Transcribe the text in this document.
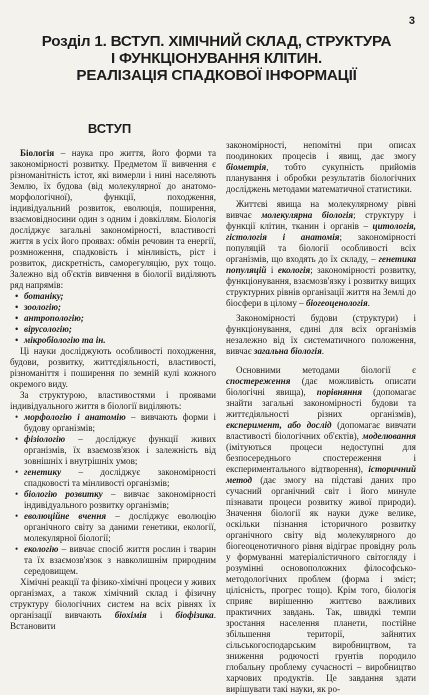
3
Розділ 1. ВСТУП. ХІМІЧНИЙ СКЛАД, СТРУКТУРА
І ФУНКЦІОНУВАННЯ КЛІТИН.
РЕАЛІЗАЦІЯ СПАДКОВОЇ ІНФОРМАЦІЇ
ВСТУП

Біологія – наука про життя, його форми та закономірності розвитку. Предметом її вивчення є різноманітність істот, які вимерли і нині населяють Землю, їх будова (від молекулярної до анатомо-морфологічної), функції, походження, індивідуальний розвиток, еволюція, поширення, взаємовідносини один з одним і довкіллям. Біологія досліджує загальні закономірності, властивості життя в усіх його проявах: обмін речовин та енергії, розмноження, спадковість і мінливість, ріст і розвиток, дискретність, саморегуляцію, рух тощо. Залежно від об'єктів вивчення в біології виділяють ряд напрямів:

• ботаніку;
• зоологію;
• антропологію;
• вірусологію;
• мікробіологію та ін.

Ці науки досліджують особливості походження, будови, розвитку, життєдіяльності, властивості, різноманіття і поширення по земній кулі кожного окремого виду.

За структурою, властивостями і проявами індивідуального життя в біології виділяють:

• морфологію і анатомію – вивчають форми і будову організмів;
• фізіологію – досліджує функції живих організмів, їх взаємозв'язок і залежність від зовнішніх і внутрішніх умов;
• генетику – досліджує закономірності спадковості та мінливості організмів;
• біологію розвитку – вивчає закономірності індивідуального розвитку організмів;
• еволюційне вчення – досліджує еволюцію органічного світу за даними генетики, екології, молекулярної біології;
• екологію – вивчає спосіб життя рослин і тварин та їх взаємозв'язок з навколишнім природним середовищем.

Хімічні реакції та фізико-хімічні процеси у живих організмах, а також хімічний склад і фізичну структуру біологічних систем на всіх рівнях їх організації вивчають біохімія і біофізика. Встановити

закономірності, непомітні при описах поодиноких процесів і явищ, дає змогу біометрія, тобто сукупність прийомів планування і обробки результатів біологічних досліджень методами математичної статистики.

Життєві явища на молекулярному рівні вивчає молекулярна біологія; структуру і функції клітин, тканин і органів – цитологія, гістологія і анатомія; закономірності популяцій та біології особливості всіх організмів, що входять до їх складу, – генетика популяцій і екологія; закономірності розвитку, функціонування, взаємозв'язку і розвитку вищих структурних рівнів організації життя на Землі до біосфери в цілому – біогеоценологія.

Закономірності будови (структури) і функціонування, єдині для всіх організмів незалежно від їх систематичного положення, вивчає загальна біологія.

Основними методами біології є спостереження (дає можливість описати біологічні явища), порівняння (допомагає знайти загальні закономірності будови та життєдіяльності різних організмів), експеримент, або дослід (допомагає вивчати властивості біологічних об'єктів), моделювання (імітуються процеси недоступні для безпосереднього спостереження і експериментального відтворення), історичний метод (дає змогу на підставі даних про сучасний органічний світ і його минуле пізнавати процеси розвитку живої природи). Значення біології як науки дуже велике, оскільки пізнання історичного розвитку органічного світу від молекулярного до біогеоценотичного рівня відіграє провідну роль у формуванні матеріалістичного світогляду і розумінні основоположних філософсько-методологічних проблем (форма і зміст; цілісність, прогрес тощо). Крім того, біологія сприяє вирішенню життєво важливих практичних завдань. Так, швидкі темпи зростання населення планети, постійне збільшення території, зайнятих сільськогосподарським виробництвом, та зниження родючості грунтів породило глобальну проблему сучасності – виробництво харчових продуктів. Це завдання здати вирішувати такі науки, як ро-
